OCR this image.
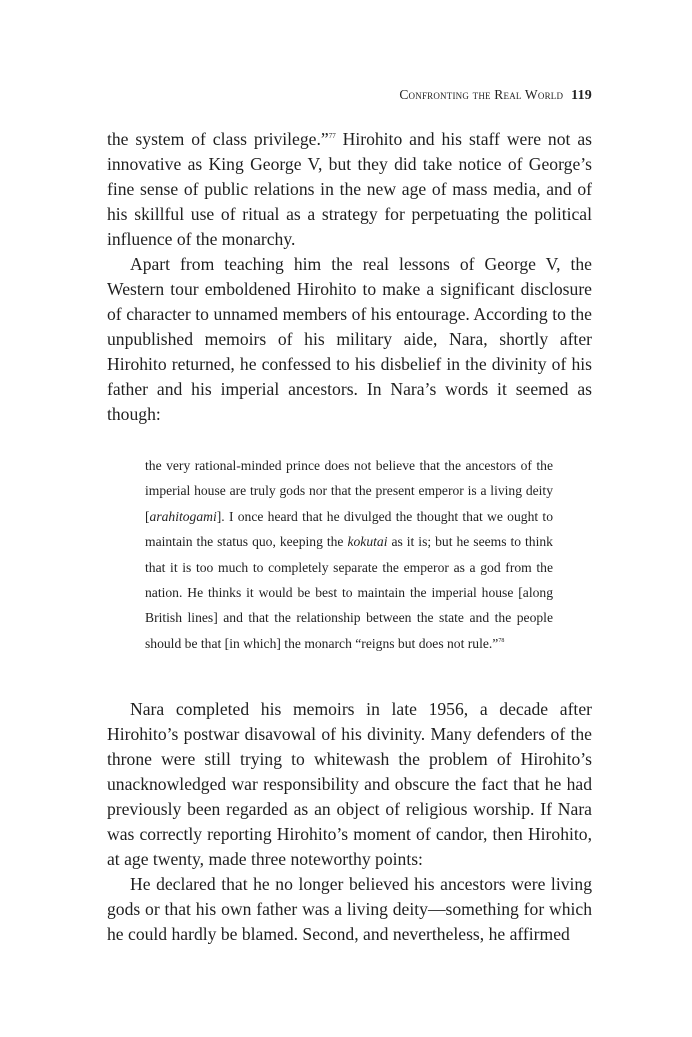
Confronting the Real World 119

the system of class privilege.”$^{77}$ Hirohito and his staff were not as innovative as King George V, but they did take notice of George’s fine sense of public relations in the new age of mass media, and of his skillful use of ritual as a strategy for perpetuating the political influence of the monarchy.

Apart from teaching him the real lessons of George V, the Western tour emboldened Hirohito to make a significant disclosure of character to unnamed members of his entourage. According to the unpublished memoirs of his military aide, Nara, shortly after Hirohito returned, he confessed to his disbelief in the divinity of his father and his imperial ancestors. In Nara’s words it seemed as though:

the very rational-minded prince does not believe that the ancestors of the imperial house are truly gods nor that the present emperor is a living deity [arahitogami]. I once heard that he divulged the thought that we ought to maintain the status quo, keeping the kokutai as it is; but he seems to think that it is too much to completely separate the emperor as a god from the nation. He thinks it would be best to maintain the imperial house [along British lines] and that the relationship between the state and the people should be that [in which] the monarch “reigns but does not rule.”$^{78}$

Nara completed his memoirs in late 1956, a decade after Hirohito’s postwar disavowal of his divinity. Many defenders of the throne were still trying to whitewash the problem of Hirohito’s unacknowledged war responsibility and obscure the fact that he had previously been regarded as an object of religious worship. If Nara was correctly reporting Hirohito’s moment of candor, then Hirohito, at age twenty, made three noteworthy points:

He declared that he no longer believed his ancestors were living gods or that his own father was a living deity—something for which he could hardly be blamed. Second, and nevertheless, he affirmed
